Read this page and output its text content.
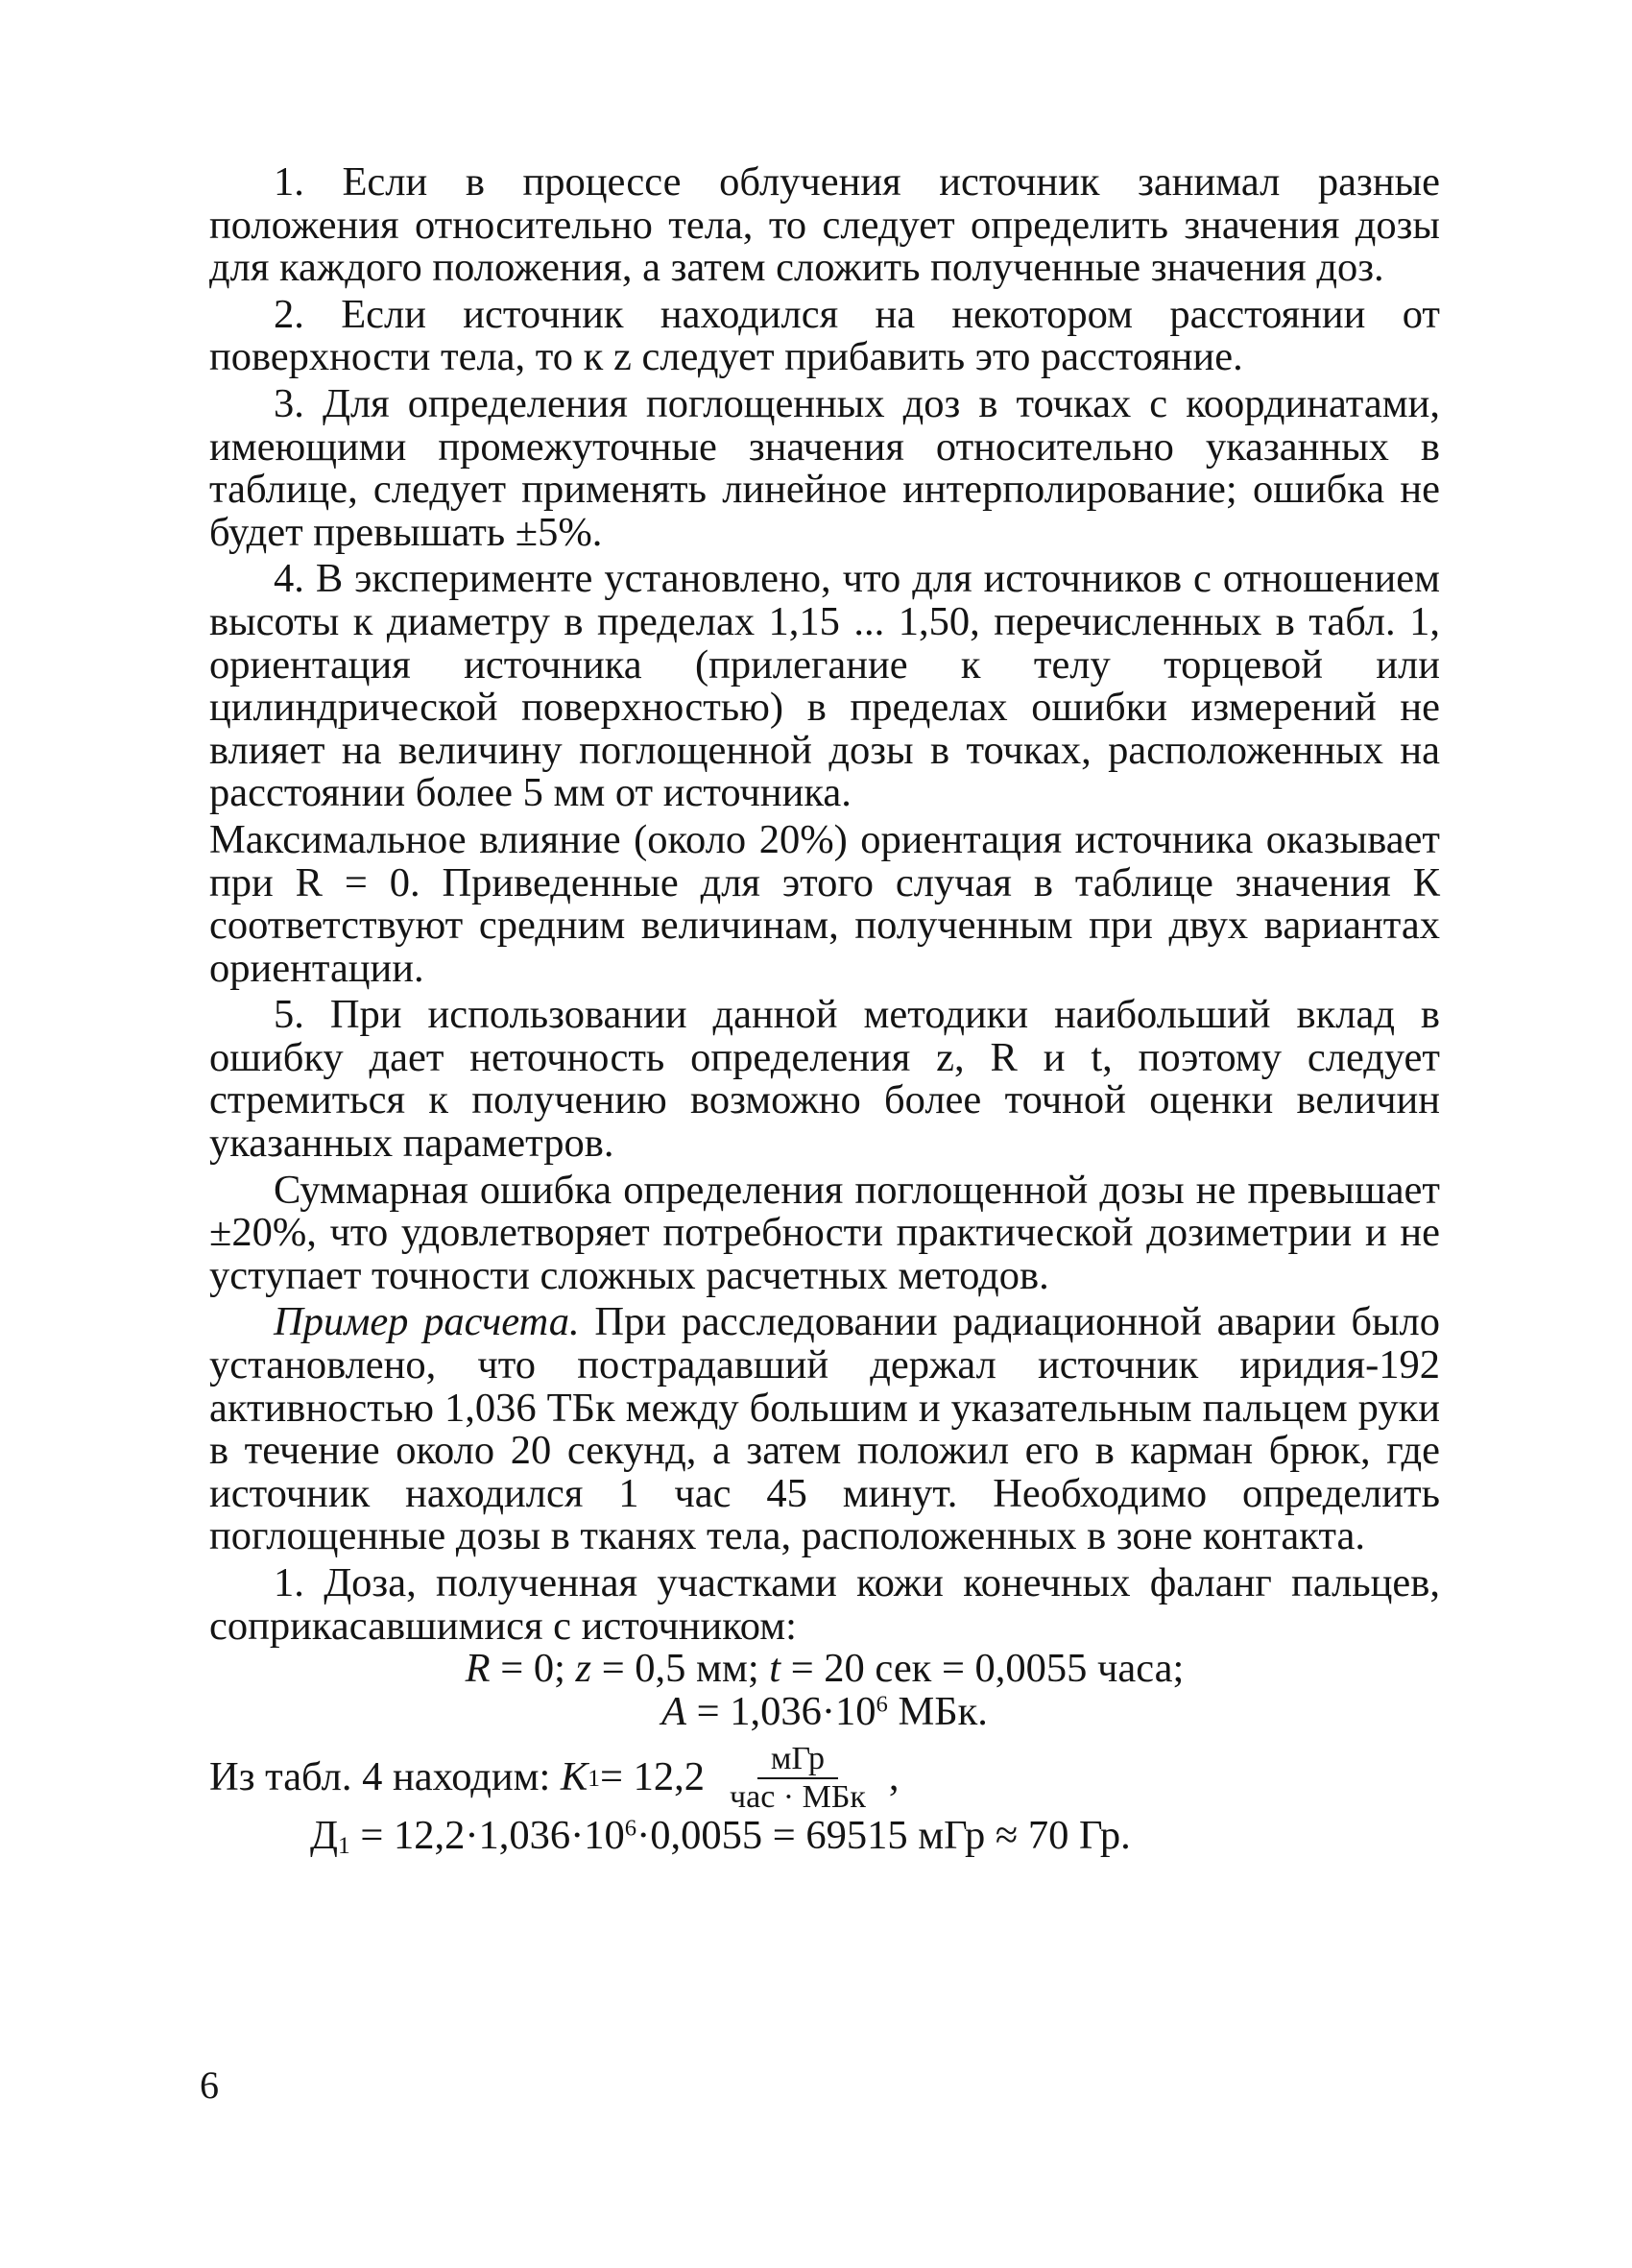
1. Если в процессе облучения источник занимал разные положения относительно тела, то следует определить значения дозы для каждого положения, а затем сложить полученные значения доз.

2. Если источник находился на некотором расстоянии от поверхности тела, то к z следует прибавить это расстояние.

3. Для определения поглощенных доз в точках с координатами, имеющими промежуточные значения относительно указанных в таблице, следует применять линейное интерполирование; ошибка не будет превышать ±5%.

4. В эксперименте установлено, что для источников с отношением высоты к диаметру в пределах 1,15 ... 1,50, перечисленных в табл. 1, ориентация источника (прилегание к телу торцевой или цилиндрической поверхностью) в пределах ошибки измерений не влияет на величину поглощенной дозы в точках, расположенных на расстоянии более 5 мм от источника.

Максимальное влияние (около 20%) ориентация источника оказывает при R = 0. Приведенные для этого случая в таблице значения К соответствуют средним величинам, полученным при двух вариантах ориентации.

5. При использовании данной методики наибольший вклад в ошибку дает неточность определения z, R и t, поэтому следует стремиться к получению возможно более точной оценки величин указанных параметров.

Суммарная ошибка определения поглощенной дозы не превышает ±20%, что удовлетворяет потребности практической дозиметрии и не уступает точности сложных расчетных методов.

Пример расчета. При расследовании радиационной аварии было установлено, что пострадавший держал источник иридия-192 активностью 1,036 ТБк между большим и указательным пальцем руки в течение около 20 секунд, а затем положил его в карман брюк, где источник находился 1 час 45 минут. Необходимо определить поглощенные дозы в тканях тела, расположенных в зоне контакта.

1. Доза, полученная участками кожи конечных фаланг пальцев, соприкасавшимися с источником:

R = 0; z = 0,5 мм; t = 20 сек = 0,0055 часа;

$A = 1,036\cdot 10^6$ МБк.

Из табл. 4 находим:
K $1 = 12,2 \frac{\text{мГр}}{\text{час · МБк}}$ ,

$Д_1 = 12,2\cdot 1,036\cdot 10^6\cdot 0,0055 = 69515$ мГр ≈ 70 Гр.

6
